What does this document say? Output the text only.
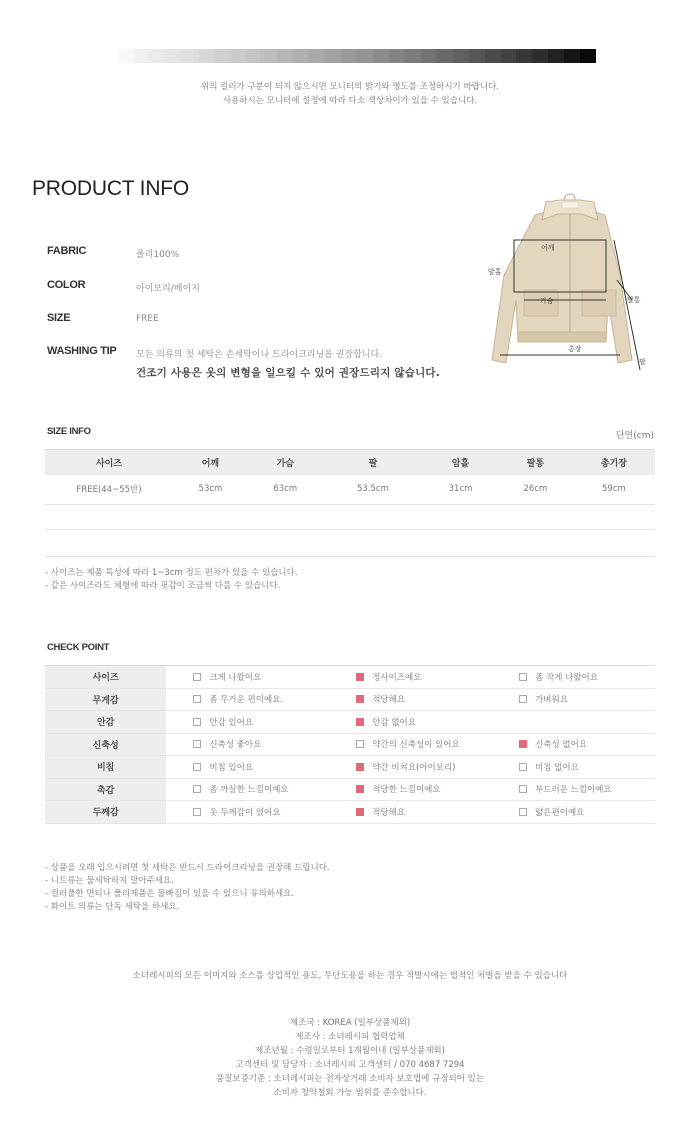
위의 컬러가 구분이 되지 않으시면 모니터의 밝기와 명도를 조정하시기 바랍니다.
사용하시는 모니터에 설정에 따라 다소 색상차이가 있을 수 있습니다.
PRODUCT INFO
FABRIC	폴리100%
COLOR	아이보리/베이지
SIZE	FREE
WASHING TIP 모든 의류의 첫 세탁은 손세탁이나 드라이크리닝을 권장합니다.
건조기 사용은 옷의 변형을 일으킬 수 있어 권장드리지 않습니다.
어깨
암홀
가슴	팔통
총장
팔
SIZE INFO	단면(cm)
사이즈	어깨	가슴	팔	암홀	팔통	총기장
FREE(44~55반)	53cm	63cm	53.5cm	31cm	26cm	59cm
- 사이즈는 제품 특성에 따라 1~3cm 정도 편차가 있을 수 있습니다.
- 같은 사이즈라도 체형에 따라 핏감이 조금씩 다를 수 있습니다.
CHECK POINT
사이즈	크게 나왔어요	정사이즈예요	좀 작게 나왔어요
무게감	좀 무거운 편이예요.	적당해요	가벼워요
안감	안감 있어요	안감 없어요	
신축성	신축성 좋아요	약간의 신축성이 있어요	신축성 없어요
비침	비침 있어요	약간 비쳐요(아이보리)	비침 없어요
촉감	좀 까실한 느낌이예요	적당한 느낌이예요	부드러운 느낌이예요
두께감	옷 두께감이 있어요	적당해요	얇은편이예요
- 상품을 오래 입으시려면 첫 세탁은 반드시 드라이크리닝을 권장해 드립니다.
- 니트류는 물세탁하지 말아주세요.
- 컬러풀한 면티나 폴리제품은 물빠짐이 있을 수 있으니 유의하세요.
- 화이트 의류는 단독 세탁을 하세요.
소녀레시피의 모든 이미지와 소스를 상업적인 용도, 무단도용을 하는 경우 적발시에는 법적인 처벌을 받을 수 있습니다
제조국 : KOREA (일부상품제외)
제조사 : 소녀레시피 협력업체
제조년월 : 수령일로부터 1개월이내 (일부상품제외)
고객센터 및 담당자 : 소녀레시피 고객센터 / 070 4687 7294
품질보증기준 : 소녀레시피는 전자상거래 소비자 보호법에 규정되어 있는
소비자 청약철회 가능 범위를 준수합니다.
